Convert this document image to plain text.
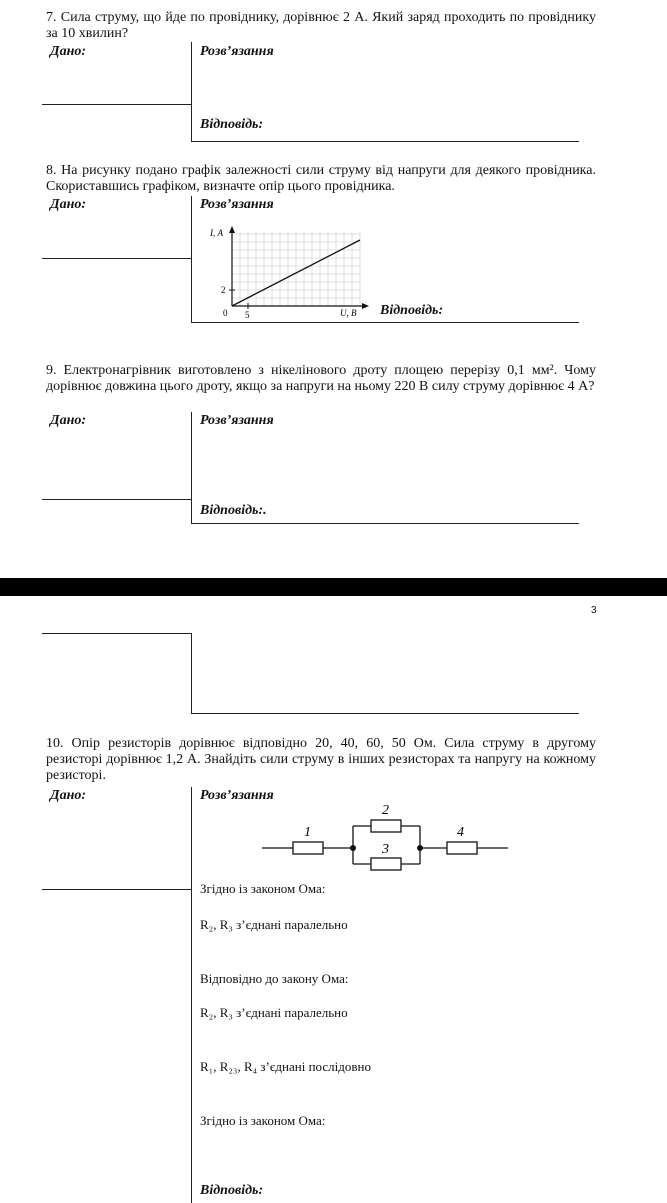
7. Сила струму, що йде по провіднику, дорівнює 2 А. Який заряд проходить по провіднику за 10 хвилин?
Дано:	Розв’язання
Відповідь:
8. На рисунку подано графік залежності сили струму від напруги для деякого провідника. Скориставшись графіком, визначте опір цього провідника.
Дано:	Розв’язання
I, А
2
0 5	U, В Відповідь:
9. Електронагрівник виготовлено з нікелінового дроту площею перерізу 0,1 мм². Чому дорівнює довжина цього дроту, якщо за напруги на ньому 220 В силу струму дорівнює 4 А?
Дано:	Розв’язання
Відповідь:.
3
10. Опір резисторів дорівнює відповідно 20, 40, 60, 50 Ом. Сила струму в другому резисторі дорівнює 1,2 А. Знайдіть сили струму в інших резисторах та напругу на кожному резисторі.
Дано:	Розв’язання
1
2
3
4
Згідно із законом Ома:
R₂, R₃ з’єднані паралельно
Відповідно до закону Ома:
R₂, R₃ з’єднані паралельно
R₁, R₂₃, R₄ з’єднані послідовно
Згідно із законом Ома:
Відповідь:
